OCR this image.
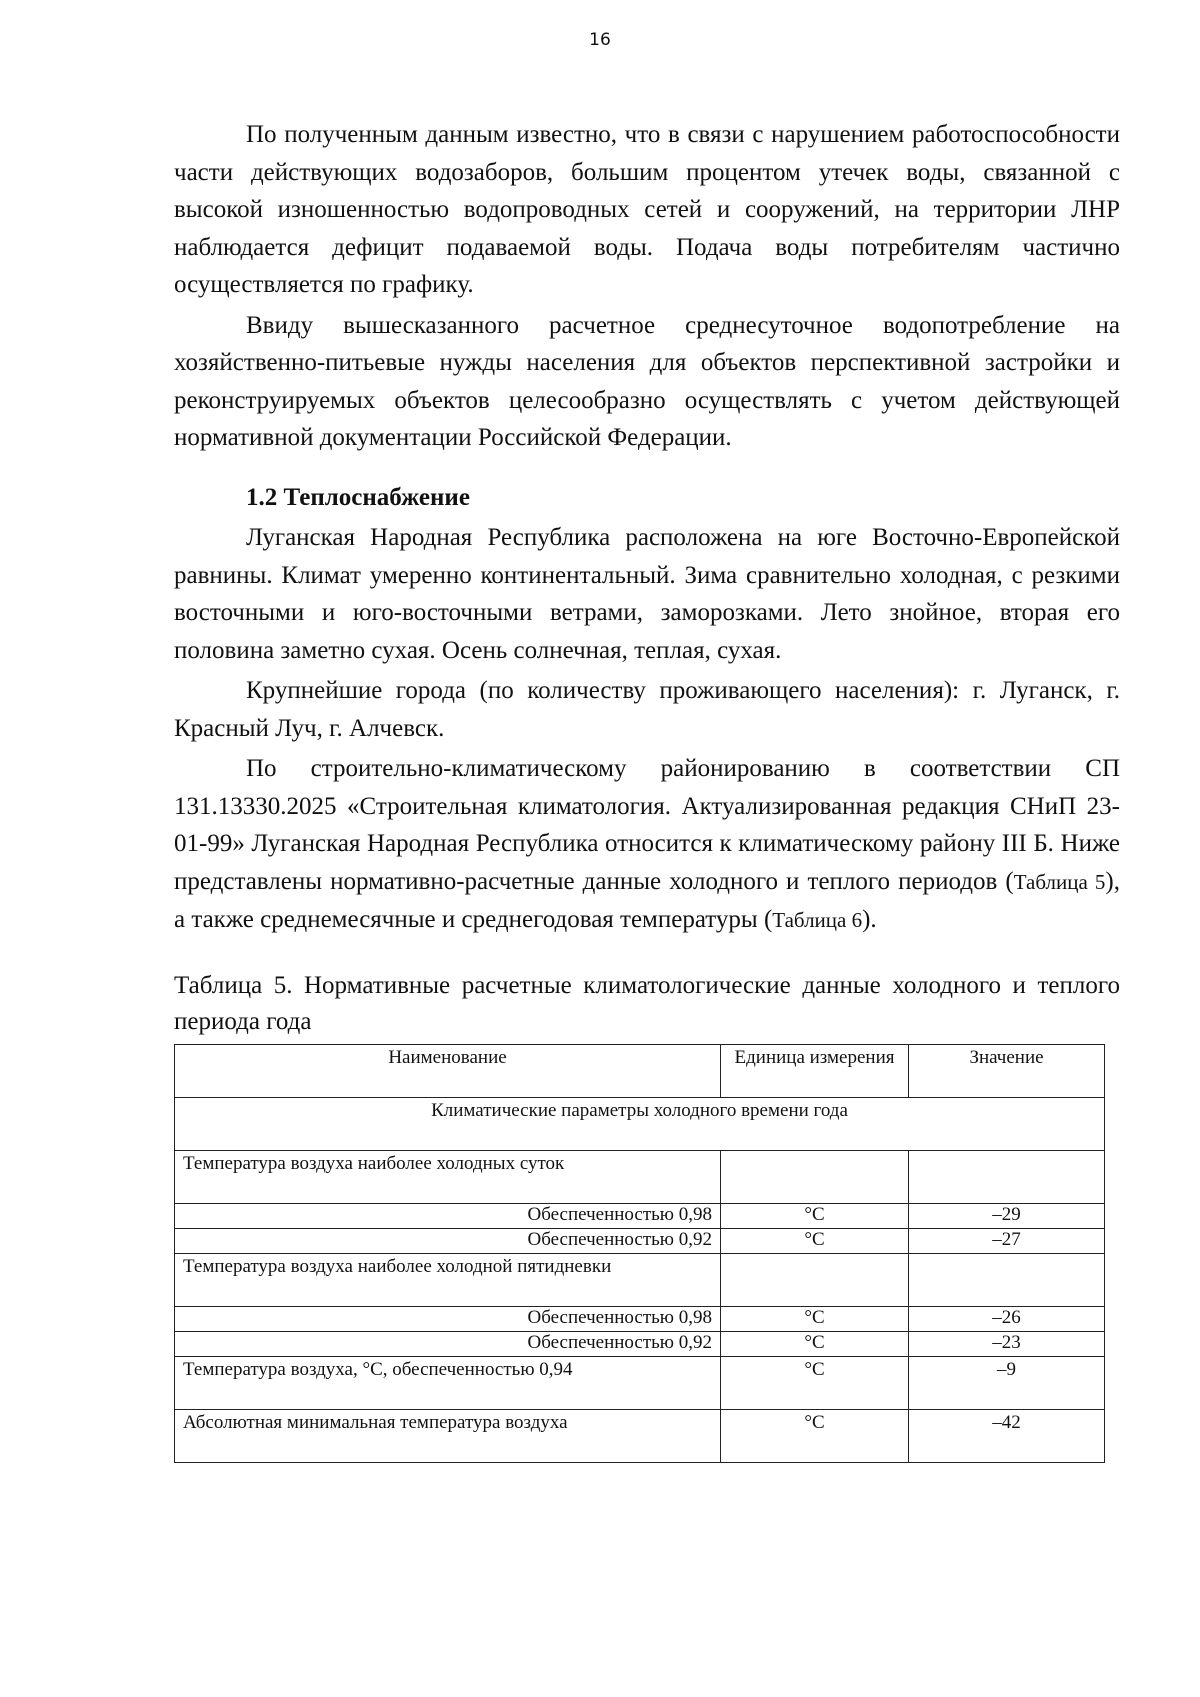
16

По полученным данным известно, что в связи с нарушением работоспособности части действующих водозаборов, большим процентом утечек воды, связанной с высокой изношенностью водопроводных сетей и сооружений, на территории ЛНР наблюдается дефицит подаваемой воды. Подача воды потребителям частично осуществляется по графику.

Ввиду вышесказанного расчетное среднесуточное водопотребление на хозяйственно-питьевые нужды населения для объектов перспективной застройки и реконструируемых объектов целесообразно осуществлять с учетом действующей нормативной документации Российской Федерации.

1.2 Теплоснабжение

Луганская Народная Республика расположена на юге Восточно-Европейской равнины. Климат умеренно континентальный. Зима сравнительно холодная, с резкими восточными и юго-восточными ветрами, заморозками. Лето знойное, вторая его половина заметно сухая. Осень солнечная, теплая, сухая.

Крупнейшие города (по количеству проживающего населения): г. Луганск, г. Красный Луч, г. Алчевск.

По строительно-климатическому районированию в соответствии СП 131.13330.2025 «Строительная климатология. Актуализированная редакция СНиП 23-01-99» Луганская Народная Республика относится к климатическому району III Б. Ниже представлены нормативно-расчетные данные холодного и теплого периодов (Таблица 5), а также среднемесячные и среднегодовая температуры (Таблица 6).

Таблица 5. Нормативные расчетные климатологические данные холодного и теплого периода года
Наименование	Единица измерения	Значение
Климатические параметры холодного времени года		
Температура воздуха наиболее холодных суток		
Обеспеченностью 0,98	°С	–29
Обеспеченностью 0,92	°С	–27
Температура воздуха наиболее холодной пятидневки		
Обеспеченностью 0,98	°С	–26
Обеспеченностью 0,92	°С	–23
Температура воздуха, °С, обеспеченностью 0,94	°С	–9
Абсолютная минимальная температура воздуха	°С	–42
